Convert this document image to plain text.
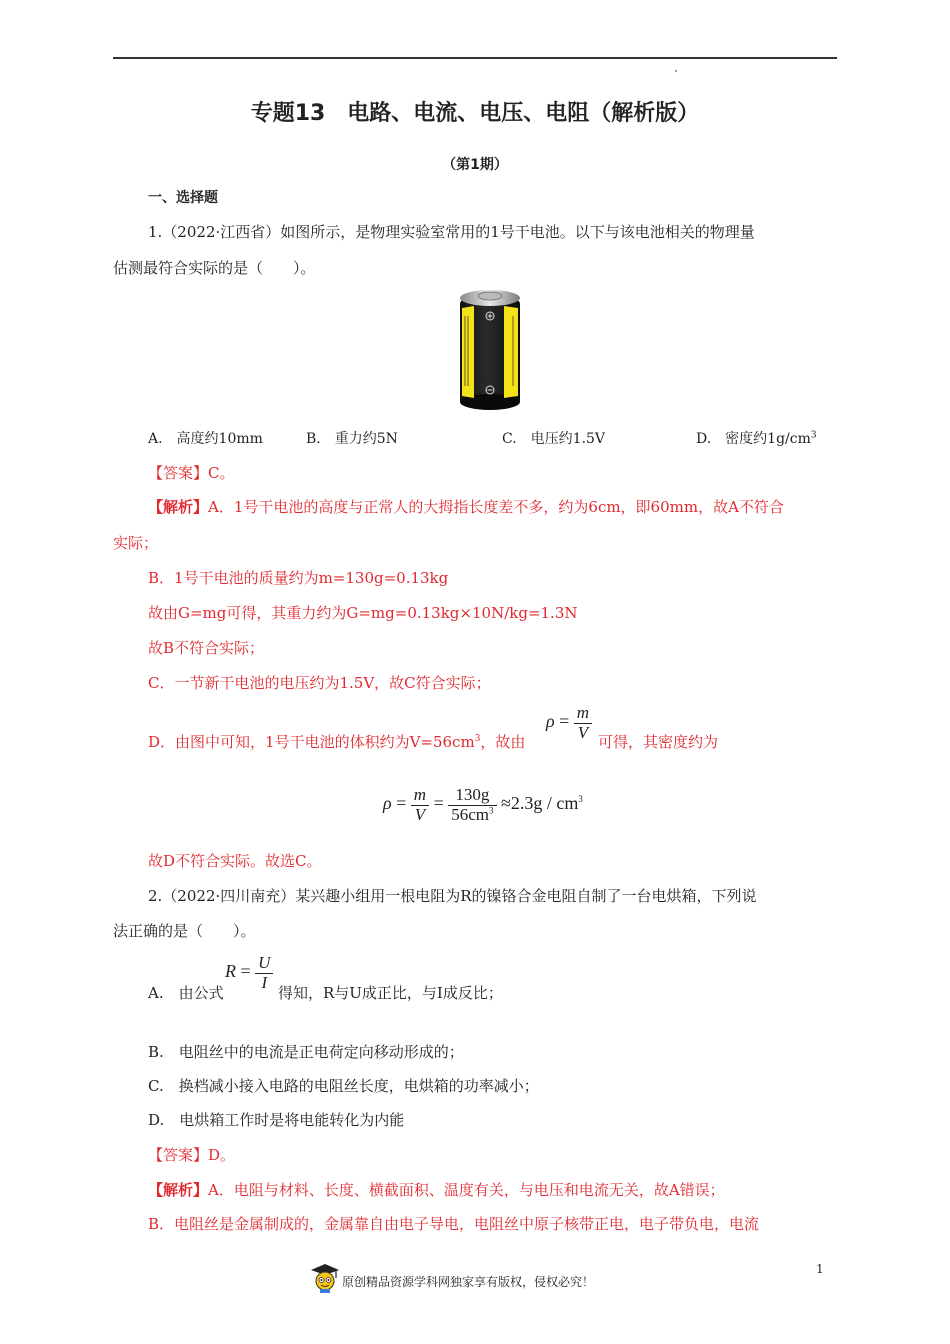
专题13　电路、电流、电压、电阻（解析版）
（第1期）
一、选择题
1.（2022·江西省）如图所示，是物理实验室常用的1号干电池。以下与该电池相关的物理量
估测最符合实际的是（　　）。
A.　高度约10mm	B.　重力约5N	C.　电压约1.5V	D.　密度约$1g/cm^3$
【答案】C。
【解析】A．1号干电池的高度与正常人的大拇指长度差不多，约为6cm，即60mm，故A不符合
实际；
B．1号干电池的质量约为m=130g=0.13kg
故由G=mg可得，其重力约为G=mg=0.13kg×10N/kg=1.3N
故B不符合实际；
C．一节新干电池的电压约为1.5V，故C符合实际；
D．由图中可知，1号干电池的体积约为$V=56cm^3$，故由
$\rho = \frac{m}{V}$ 可得，其密度约为
$\rho = \frac{m}{V} = \frac{130g}{56cm^3} \approx 2.3g / cm^3$
故D不符合实际。故选C。
2.（2022·四川南充）某兴趣小组用一根电阻为R的镍铬合金电阻自制了一台电烘箱，下列说
法正确的是（　　）。
A.　由公式
$R = \frac{U}{I}$
得知，R与U成正比，与I成反比；
B.　电阻丝中的电流是正电荷定向移动形成的；
C.　换档减小接入电路的电阻丝长度，电烘箱的功率减小；
D.　电烘箱工作时是将电能转化为内能
【答案】D。
【解析】A．电阻与材料、长度、横截面积、温度有关，与电压和电流无关，故A错误；
B．电阻丝是金属制成的，金属靠自由电子导电，电阻丝中原子核带正电，电子带负电，电流
1
原创精品资源学科网独家享有版权，侵权必究！
